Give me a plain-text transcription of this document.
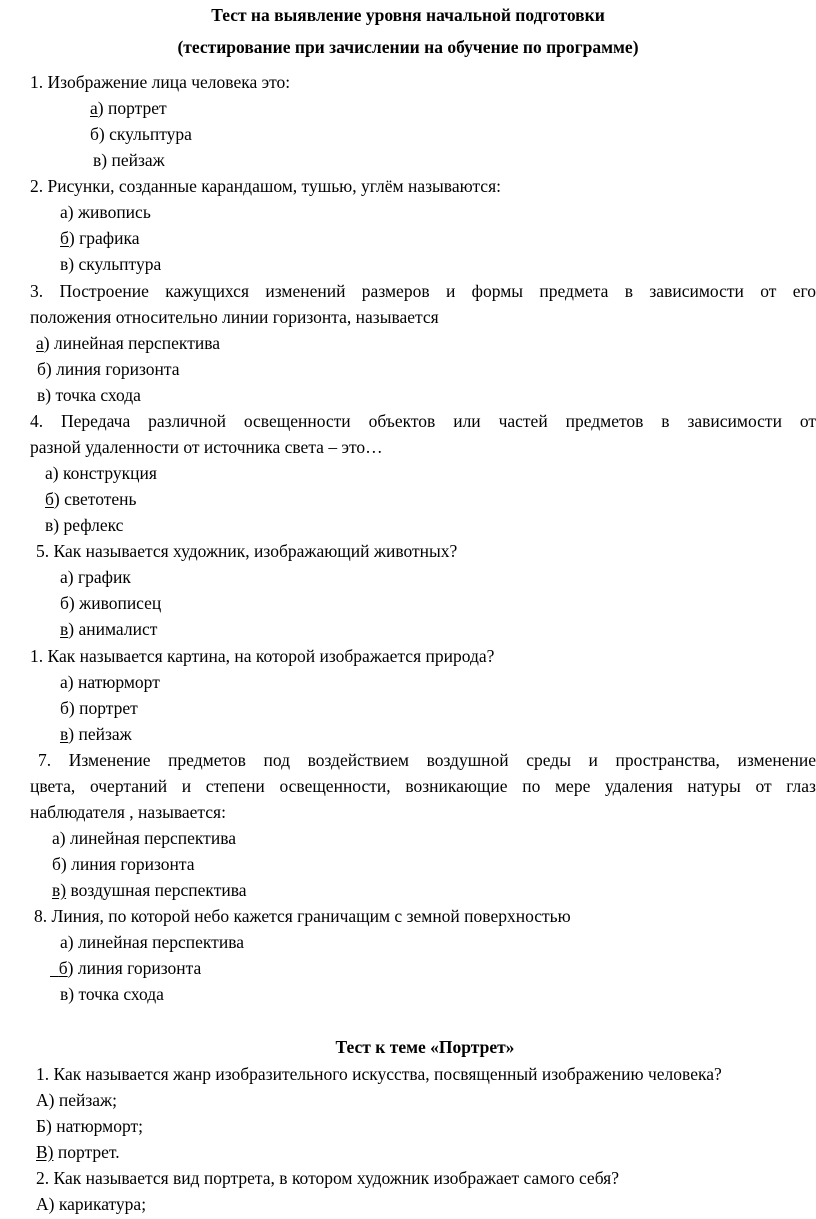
Тест на выявление уровня начальной подготовки
(тестирование при зачислении на обучение по программе)
1. Изображение лица человека это:
а) портрет
б) скульптура
в) пейзаж
2. Рисунки, созданные карандашом, тушью, углём называются:
а) живопись
б) графика
в) скульптура
3. Построение кажущихся изменений размеров и формы предмета в зависимости от его
положения относительно линии горизонта, называется
а) линейная перспектива
б) линия горизонта
в) точка схода
4. Передача различной освещенности объектов или частей предметов в зависимости от
разной удаленности от источника света – это…
а) конструкция
б) светотень
в) рефлекс
5. Как называется художник, изображающий животных?
а) график
б) живописец
в) анималист
1. Как называется картина, на которой изображается природа?
а) натюрморт
б) портрет
в) пейзаж
7. Изменение предметов под воздействием воздушной среды и пространства, изменение
цвета, очертаний и степени освещенности, возникающие по мере удаления натуры от глаз
наблюдателя , называется:
а) линейная перспектива
б) линия горизонта
в) воздушная перспектива
8. Линия, по которой небо кажется граничащим с земной поверхностью
а) линейная перспектива
б) линия горизонта
в) точка схода
Тест к теме «Портрет»
1. Как называется жанр изобразительного искусства, посвященный изображению человека?
А) пейзаж;
Б) натюрморт;
В) портрет.
2. Как называется вид портрета, в котором художник изображает самого себя?
А) карикатура;
